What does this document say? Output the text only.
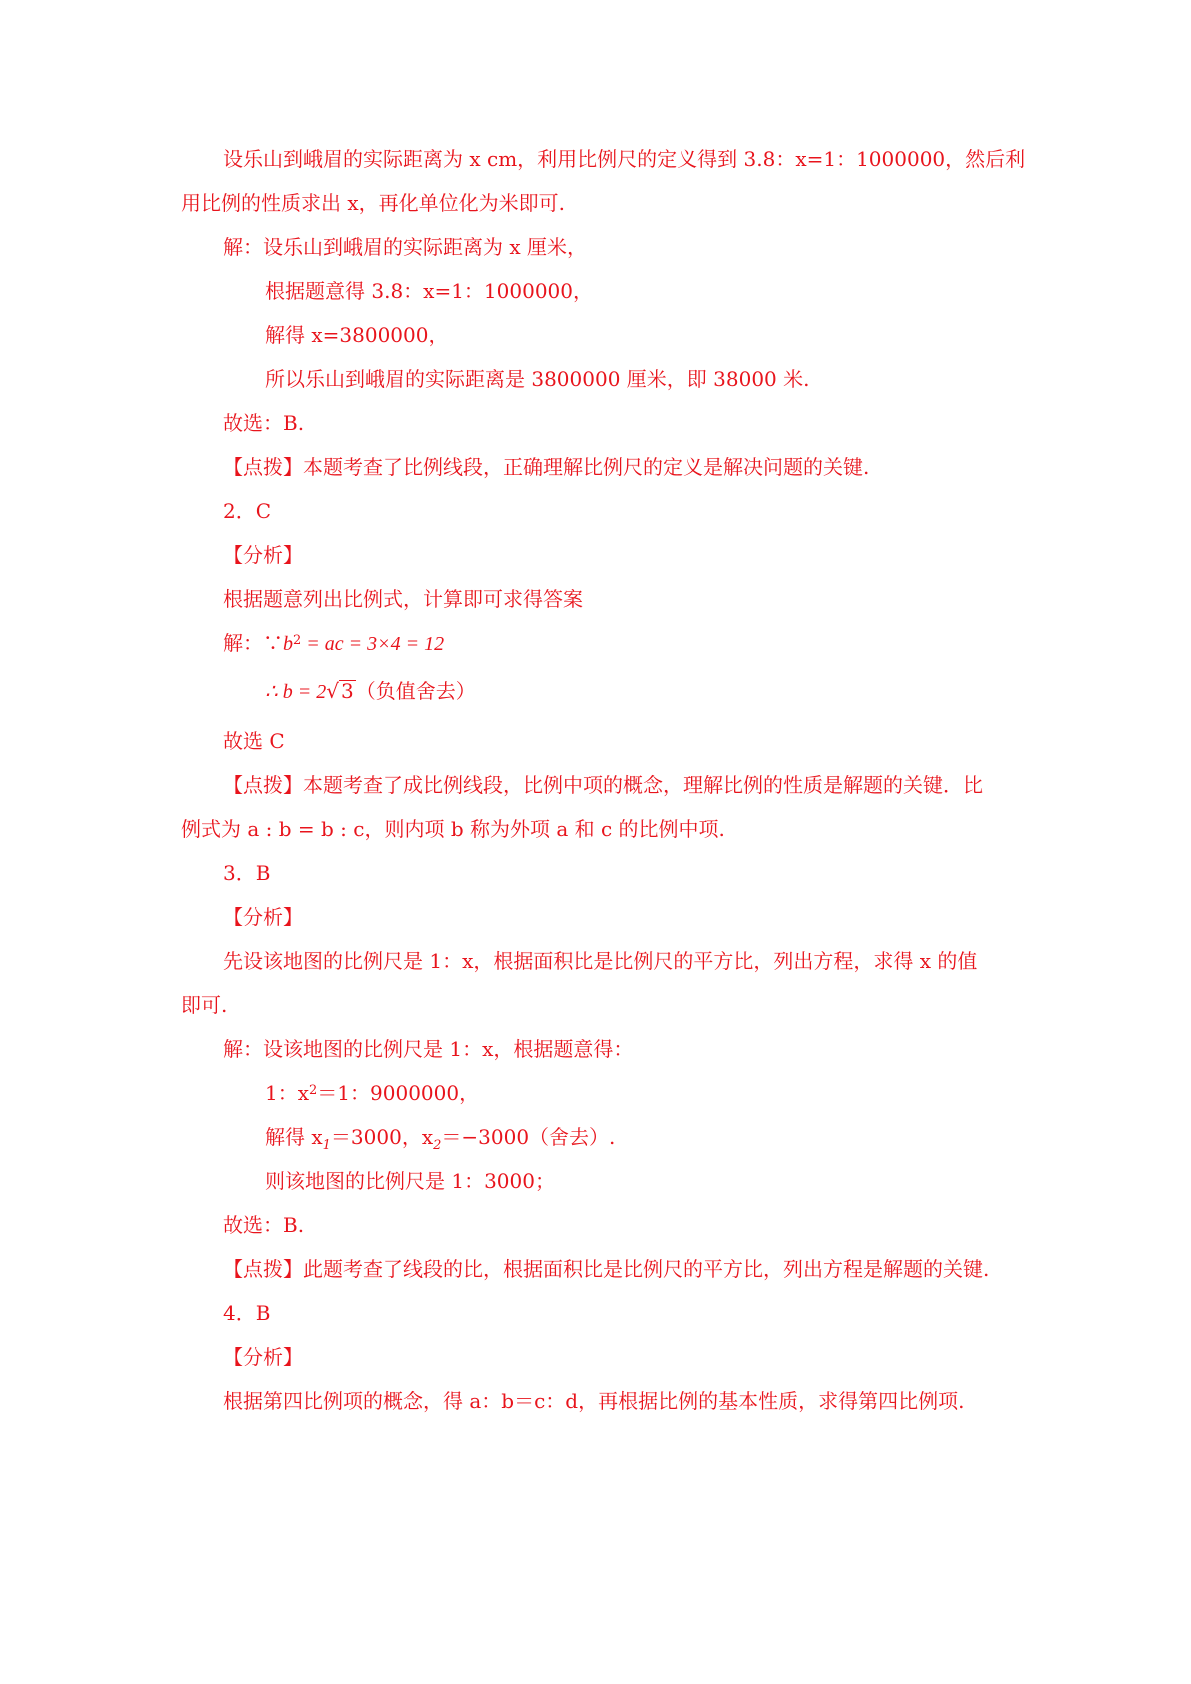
设乐山到峨眉的实际距离为 x cm，利用比例尺的定义得到 3.8：x=1：1000000，然后利
用比例的性质求出 x，再化单位化为米即可.
解：设乐山到峨眉的实际距离为 x 厘米，
根据题意得 3.8：x=1：1000000，
解得 x=3800000，
所以乐山到峨眉的实际距离是 3800000 厘米，即 38000 米.
故选：B.
【点拨】本题考查了比例线段，正确理解比例尺的定义是解决问题的关键.
2．C
【分析】
根据题意列出比例式，计算即可求得答案
解：$\because b^2$ = ac = 3×4 = 12
∴ b = 2√ 3 （负值舍去）
故选 C
【点拨】本题考查了成比例线段，比例中项的概念，理解比例的性质是解题的关键．比
例式为 a : b = b : c，则内项 b 称为外项 a 和 c 的比例中项.
3．B
【分析】
先设该地图的比例尺是 1：x，根据面积比是比例尺的平方比，列出方程，求得 x 的值
即可.
解：设该地图的比例尺是 1：x，根据题意得：
1：$x^2=1$：9000000，
解得 $x_1=3000$，$x_2=-3000$（舍去）.
则该地图的比例尺是 1：3000；
故选：B.
【点拨】此题考查了线段的比，根据面积比是比例尺的平方比，列出方程是解题的关键.
4．B
【分析】
根据第四比例项的概念，得 a：b＝c：d，再根据比例的基本性质，求得第四比例项.
